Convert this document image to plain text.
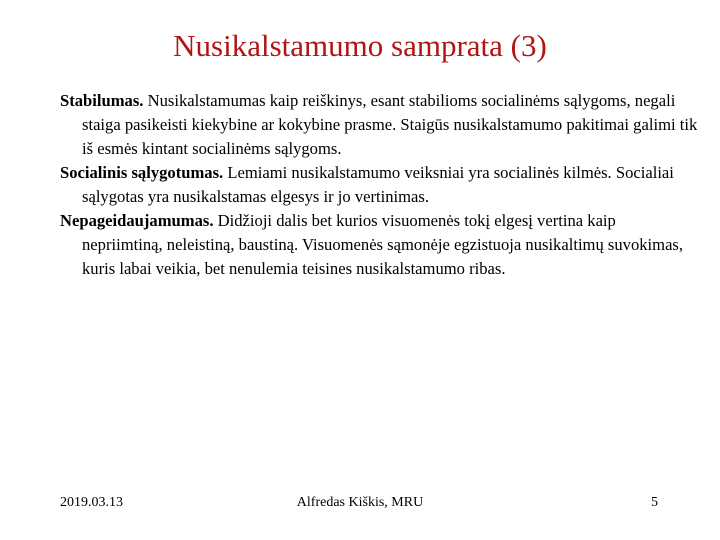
Nusikalstamumo samprata (3)

Stabilumas. Nusikalstamumas kaip reiškinys, esant stabilioms socialinėms sąlygoms, negali staiga pasikeisti kiekybine ar kokybine prasme. Staigūs nusikalstamumo pakitimai galimi tik iš esmės kintant socialinėms sąlygoms.

Socialinis sąlygotumas. Lemiami nusikalstamumo veiksniai yra socialinės kilmės. Socialiai sąlygotas yra nusikalstamas elgesys ir jo vertinimas.

Nepageidaujamumas. Didžioji dalis bet kurios visuomenės tokį elgesį vertina kaip nepriimtiną, neleistiną, baustiną. Visuomenės sąmonėje egzistuoja nusikaltimų suvokimas, kuris labai veikia, bet nenulemia teisines nusikalstamumo ribas.

2019.03.13	Alfredas Kiškis, MRU	5
